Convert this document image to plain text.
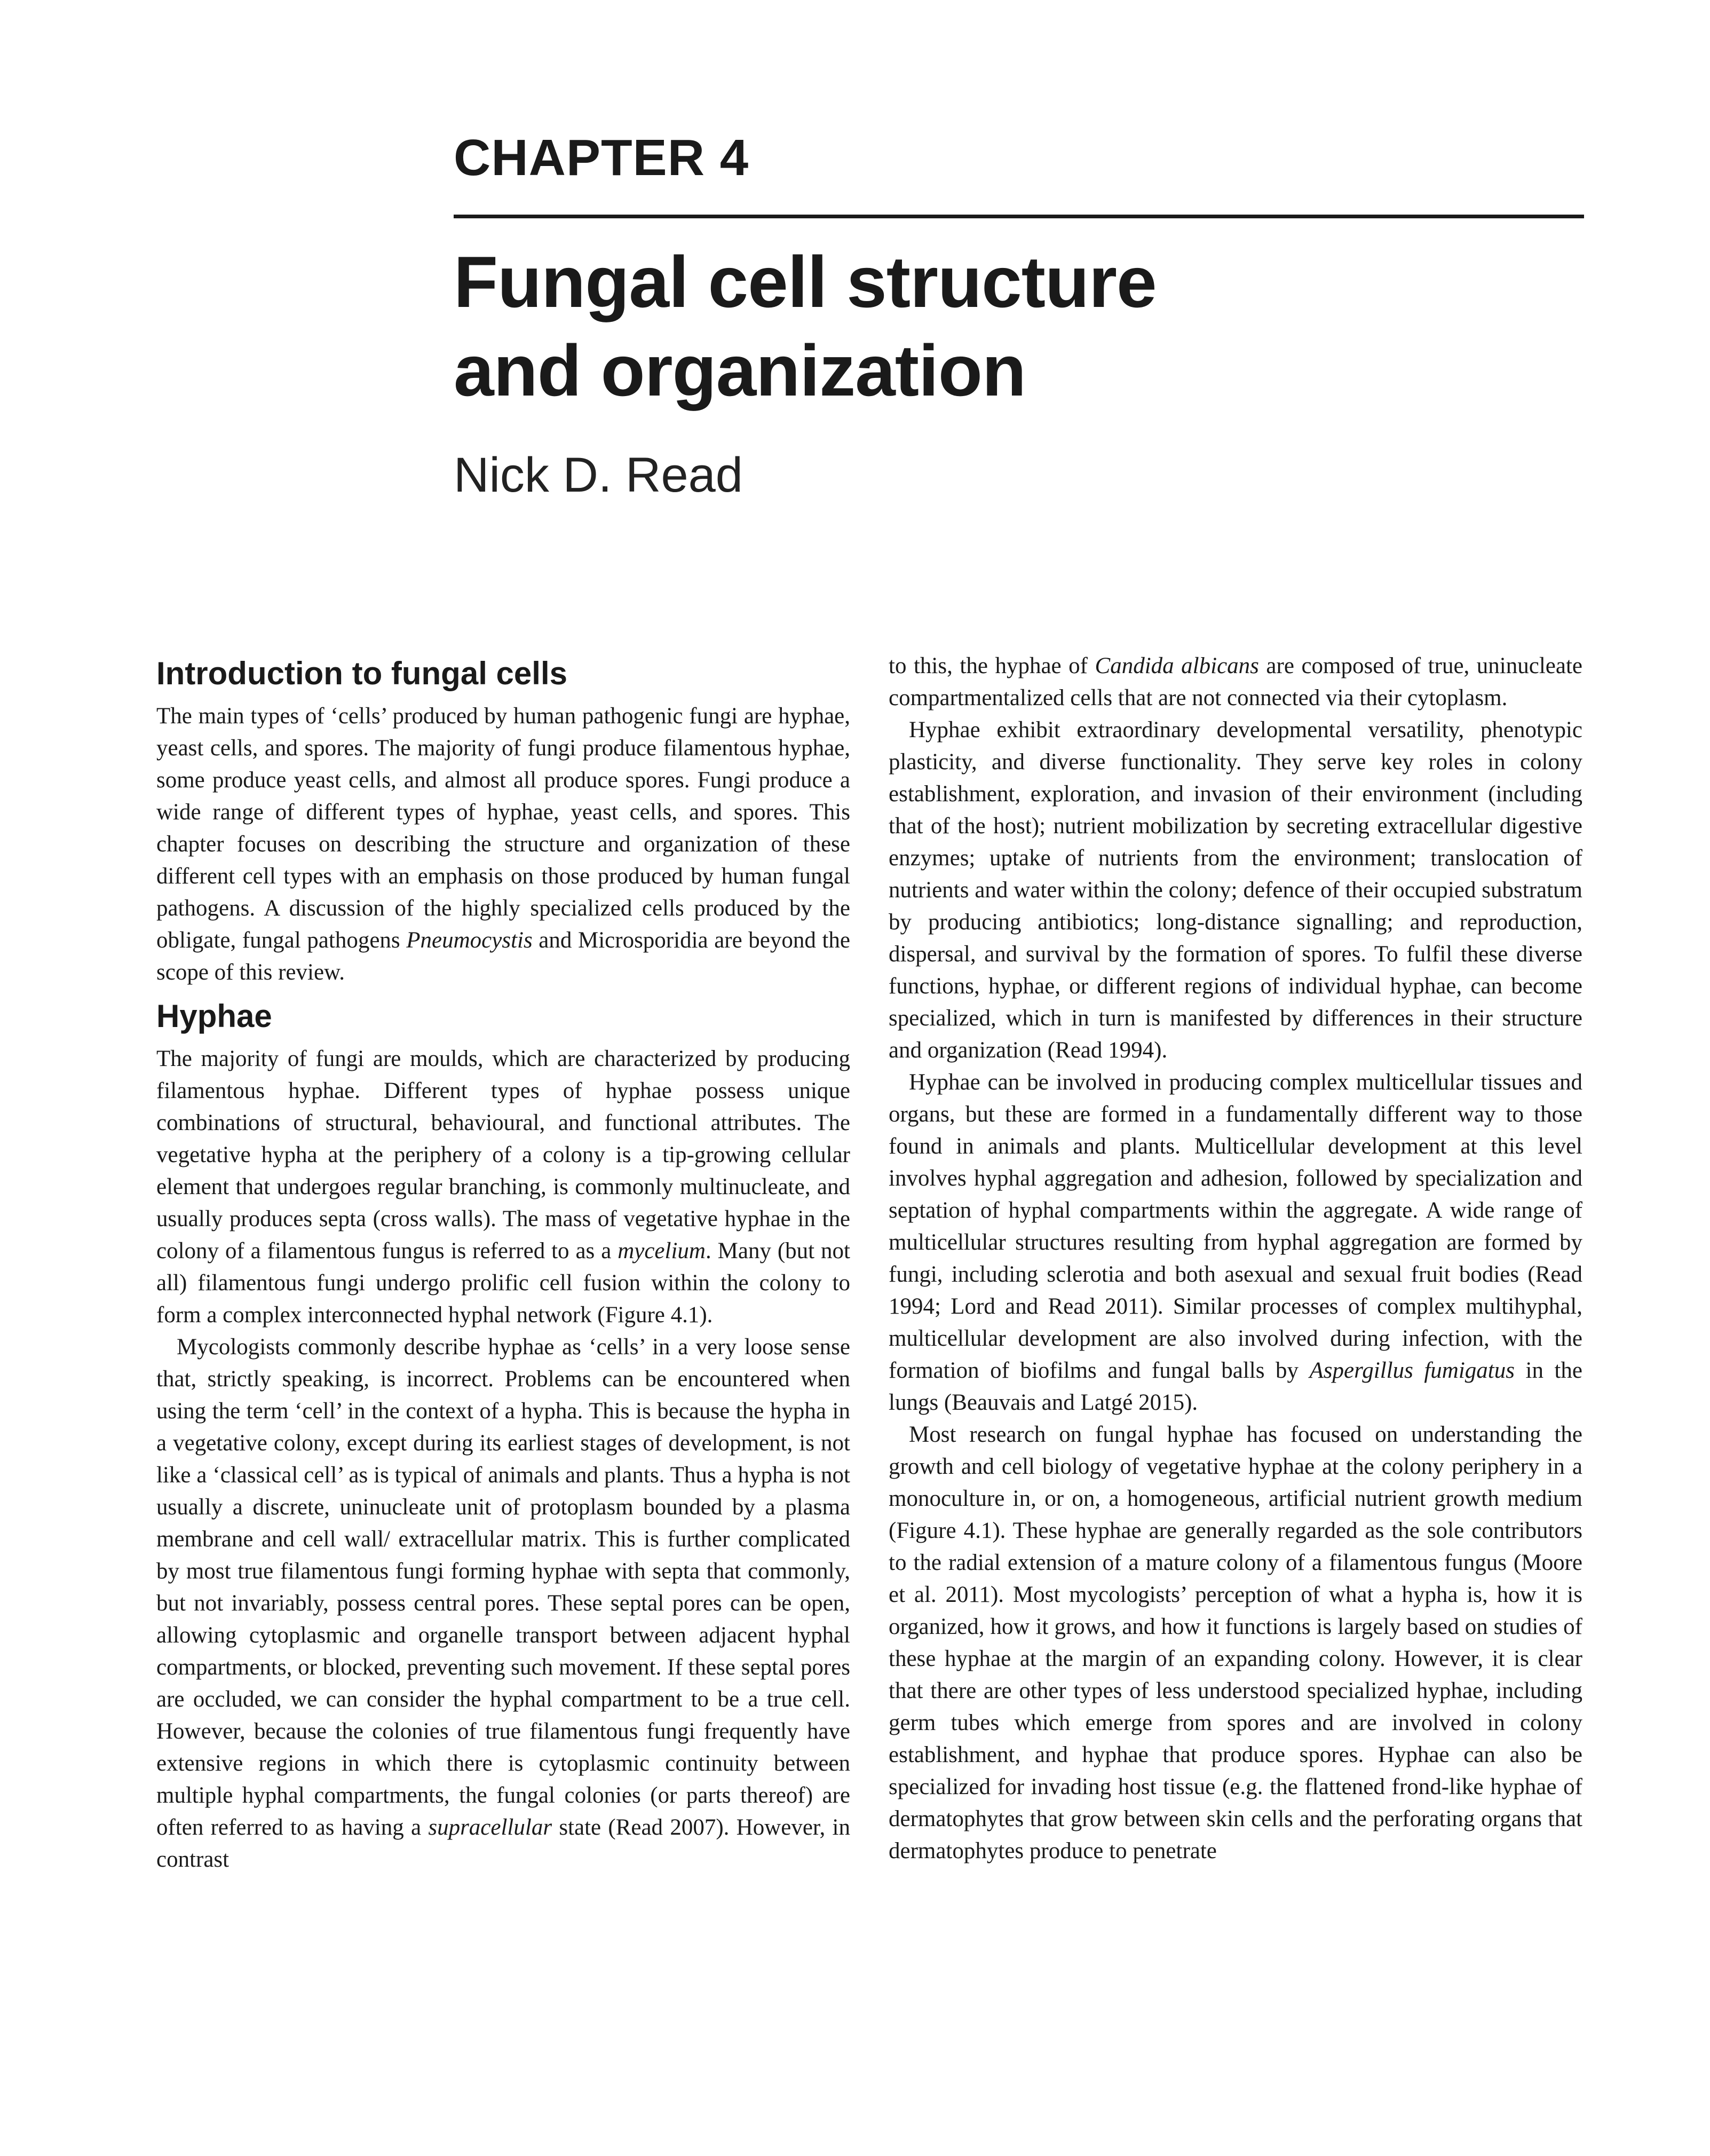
CHAPTER 4
Fungal cell structure
and organization
Nick D. Read
Introduction to fungal cells

The main types of ‘cells’ produced by human pathogenic fungi are hyphae, yeast cells, and spores. The majority of fungi produce filamentous hyphae, some produce yeast cells, and almost all produce spores. Fungi produce a wide range of different types of hyphae, yeast cells, and spores. This chapter focuses on describing the structure and organization of these different cell types with an emphasis on those produced by human fungal pathogens. A discussion of the highly specialized cells produced by the obligate, fungal pathogens Pneumocystis and Microsporidia are beyond the scope of this review.

Hyphae

The majority of fungi are moulds, which are characterized by producing filamentous hyphae. Different types of hyphae possess unique combinations of structural, behavioural, and functional attributes. The vegetative hypha at the periphery of a colony is a tip-growing cellular element that undergoes regular branching, is commonly multinucleate, and usually produces septa (cross walls). The mass of vegetative hyphae in the colony of a filamentous fungus is referred to as a mycelium. Many (but not all) filamentous fungi undergo prolific cell fusion within the colony to form a complex interconnected hyphal network (Figure 4.1).

Mycologists commonly describe hyphae as ‘cells’ in a very loose sense that, strictly speaking, is incorrect. Problems can be encountered when using the term ‘cell’ in the context of a hypha. This is because the hypha in a vegetative colony, except during its earliest stages of development, is not like a ‘classical cell’ as is typical of animals and plants. Thus a hypha is not usually a discrete, uninucleate unit of protoplasm bounded by a plasma membrane and cell wall/ extracellular matrix. This is further complicated by most true filamentous fungi forming hyphae with septa that commonly, but not invariably, possess central pores. These septal pores can be open, allowing cytoplasmic and organelle transport between adjacent hyphal compartments, or blocked, preventing such movement. If these septal pores are occluded, we can consider the hyphal compartment to be a true cell. However, because the colonies of true filamentous fungi frequently have extensive regions in which there is cytoplasmic continuity between multiple hyphal compartments, the fungal colonies (or parts thereof) are often referred to as having a supracellular state (Read 2007). However, in contrast

to this, the hyphae of Candida albicans are composed of true, uninucleate compartmentalized cells that are not connected via their cytoplasm.

Hyphae exhibit extraordinary developmental versatility, phenotypic plasticity, and diverse functionality. They serve key roles in colony establishment, exploration, and invasion of their environment (including that of the host); nutrient mobilization by secreting extracellular digestive enzymes; uptake of nutrients from the environment; translocation of nutrients and water within the colony; defence of their occupied substratum by producing antibiotics; long-distance signalling; and reproduction, dispersal, and survival by the formation of spores. To fulfil these diverse functions, hyphae, or different regions of individual hyphae, can become specialized, which in turn is manifested by differences in their structure and organization (Read 1994).

Hyphae can be involved in producing complex multicellular tissues and organs, but these are formed in a fundamentally different way to those found in animals and plants. Multicellular development at this level involves hyphal aggregation and adhesion, followed by specialization and septation of hyphal compartments within the aggregate. A wide range of multicellular structures resulting from hyphal aggregation are formed by fungi, including sclerotia and both asexual and sexual fruit bodies (Read 1994; Lord and Read 2011). Similar processes of complex multihyphal, multicellular development are also involved during infection, with the formation of biofilms and fungal balls by Aspergillus fumigatus in the lungs (Beauvais and Latgé 2015).

Most research on fungal hyphae has focused on understanding the growth and cell biology of vegetative hyphae at the colony periphery in a monoculture in, or on, a homogeneous, artificial nutrient growth medium (Figure 4.1). These hyphae are generally regarded as the sole contributors to the radial extension of a mature colony of a filamentous fungus (Moore et al. 2011). Most mycologists’ perception of what a hypha is, how it is organized, how it grows, and how it functions is largely based on studies of these hyphae at the margin of an expanding colony. However, it is clear that there are other types of less understood specialized hyphae, including germ tubes which emerge from spores and are involved in colony establishment, and hyphae that produce spores. Hyphae can also be specialized for invading host tissue (e.g. the flattened frond-like hyphae of dermatophytes that grow between skin cells and the perforating organs that dermatophytes produce to penetrate
